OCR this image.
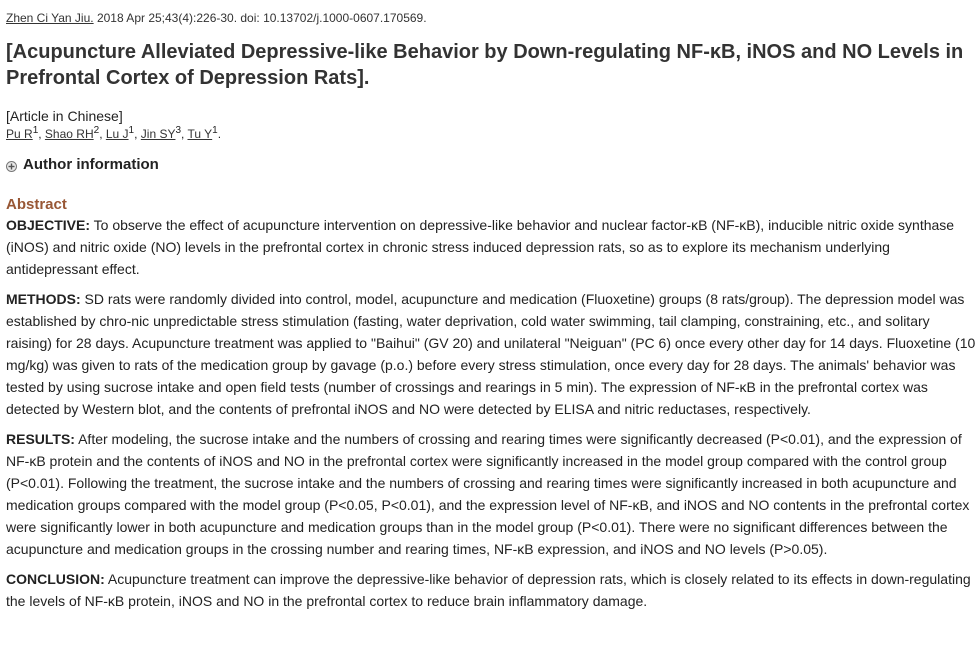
Zhen Ci Yan Jiu. 2018 Apr 25;43(4):226-30. doi: 10.13702/j.1000-0607.170569.

[Acupuncture Alleviated Depressive-like Behavior by Down-regulating NF-κB, iNOS and NO Levels in Prefrontal Cortex of Depression Rats].
[Article in Chinese]
Pu $R^1$, Shao $RH^2$, Lu $J^1$, Jin $SY^3$, Tu $Y^1$.
Author information
Abstract

OBJECTIVE: To observe the effect of acupuncture intervention on depressive-like behavior and nuclear factor-κB (NF-κB), inducible nitric oxide synthase (iNOS) and nitric oxide (NO) levels in the prefrontal cortex in chronic stress induced depression rats, so as to explore its mechanism underlying antidepressant effect.

METHODS: SD rats were randomly divided into control, model, acupuncture and medication (Fluoxetine) groups (8 rats/group). The depression model was established by chro-nic unpredictable stress stimulation (fasting, water deprivation, cold water swimming, tail clamping, constraining, etc., and solitary raising) for 28 days. Acupuncture treatment was applied to "Baihui" (GV 20) and unilateral "Neiguan" (PC 6) once every other day for 14 days. Fluoxetine (10 mg/kg) was given to rats of the medication group by gavage (p.o.) before every stress stimulation, once every day for 28 days. The animals' behavior was tested by using sucrose intake and open field tests (number of crossings and rearings in 5 min). The expression of NF-κB in the prefrontal cortex was detected by Western blot, and the contents of prefrontal iNOS and NO were detected by ELISA and nitric reductases, respectively.

RESULTS: After modeling, the sucrose intake and the numbers of crossing and rearing times were significantly decreased (P<0.01), and the expression of NF-κB protein and the contents of iNOS and NO in the prefrontal cortex were significantly increased in the model group compared with the control group (P<0.01). Following the treatment, the sucrose intake and the numbers of crossing and rearing times were significantly increased in both acupuncture and medication groups compared with the model group (P<0.05, P<0.01), and the expression level of NF-κB, and iNOS and NO contents in the prefrontal cortex were significantly lower in both acupuncture and medication groups than in the model group (P<0.01). There were no significant differences between the acupuncture and medication groups in the crossing number and rearing times, NF-κB expression, and iNOS and NO levels (P>0.05).

CONCLUSION: Acupuncture treatment can improve the depressive-like behavior of depression rats, which is closely related to its effects in down-regulating the levels of NF-κB protein, iNOS and NO in the prefrontal cortex to reduce brain inflammatory damage.
